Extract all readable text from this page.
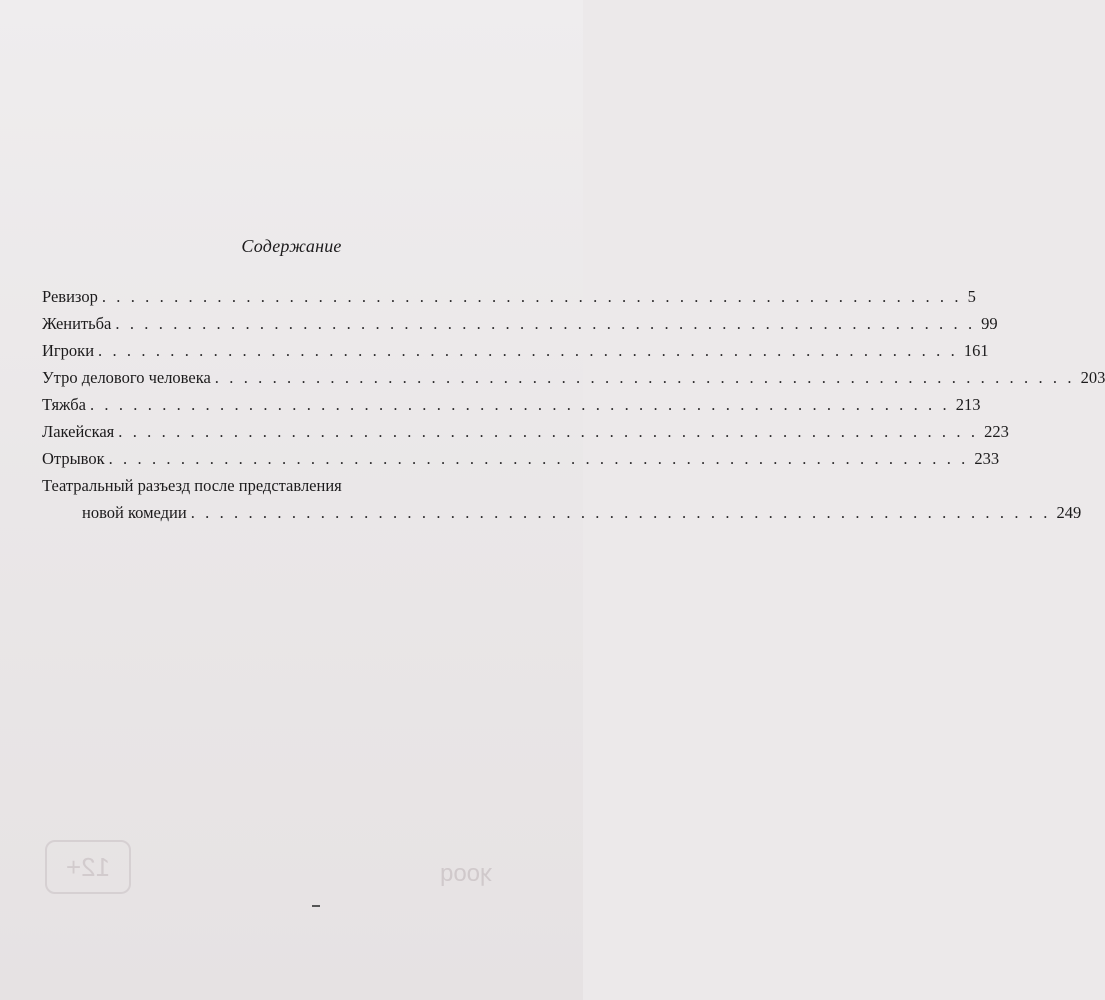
12+	ʞooq
Содержание
Ревизор . . . . . . . . . . . . . . . . . . . . . . . . . . . . . . . . . . . . . . . . . . . . . . . . . . . . . . . . . . . . 5
Женитьба . . . . . . . . . . . . . . . . . . . . . . . . . . . . . . . . . . . . . . . . . . . . . . . . . . . . . . . . . . . . 99
Игроки . . . . . . . . . . . . . . . . . . . . . . . . . . . . . . . . . . . . . . . . . . . . . . . . . . . . . . . . . . . . 161
Утро делового человека . . . . . . . . . . . . . . . . . . . . . . . . . . . . . . . . . . . . . . . . . . . . . . . . . . . . . . . . . . . . 203
Тяжба . . . . . . . . . . . . . . . . . . . . . . . . . . . . . . . . . . . . . . . . . . . . . . . . . . . . . . . . . . . . 213
Лакейская . . . . . . . . . . . . . . . . . . . . . . . . . . . . . . . . . . . . . . . . . . . . . . . . . . . . . . . . . . . . 223
Отрывок . . . . . . . . . . . . . . . . . . . . . . . . . . . . . . . . . . . . . . . . . . . . . . . . . . . . . . . . . . . . 233
Театральный разъезд после представления
новой комедии . . . . . . . . . . . . . . . . . . . . . . . . . . . . . . . . . . . . . . . . . . . . . . . . . . . . . . . . . . . . 249
